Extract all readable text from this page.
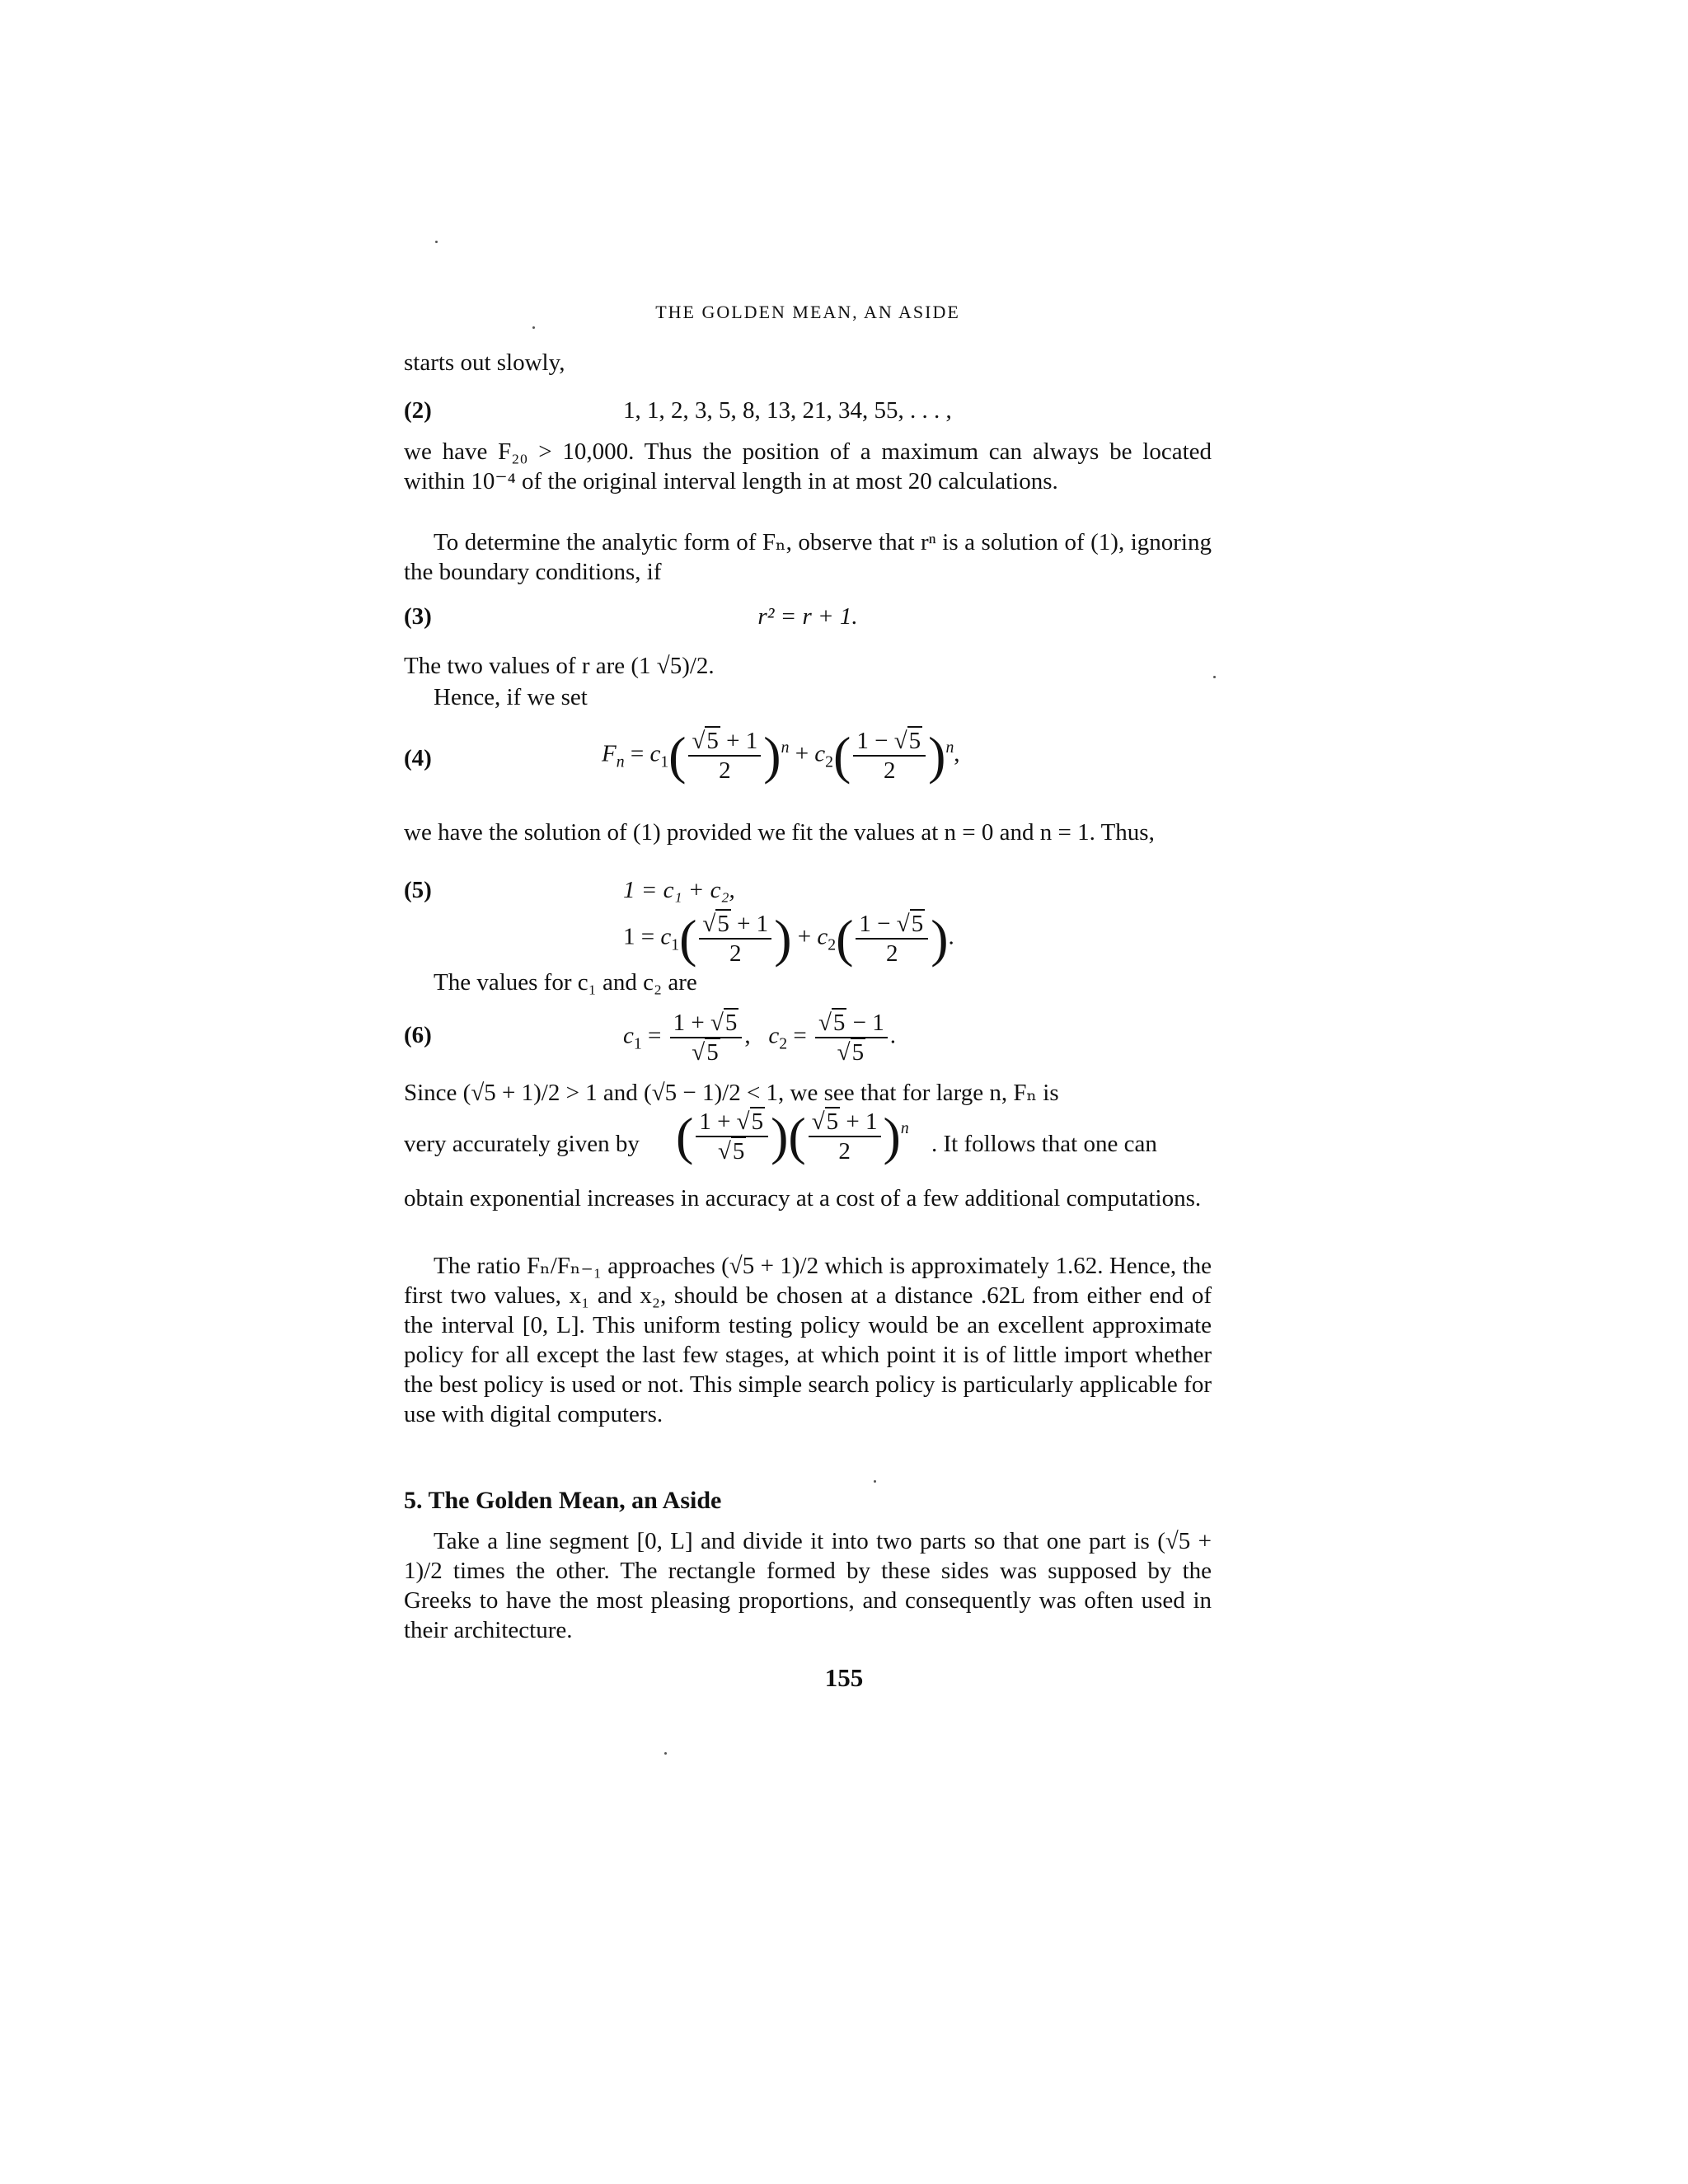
THE GOLDEN MEAN, AN ASIDE
starts out slowly,
(2)	1, 1, 2, 3, 5, 8, 13, 21, 34, 55, . . . ,
we have F₂₀ > 10,000. Thus the position of a maximum can always be located within 10⁻⁴ of the original interval length in at most 20 calculations.
To determine the analytic form of Fₙ, observe that rⁿ is a solution of (1), ignoring the boundary conditions, if
(3)	r² = r + 1.
The two values of r are (1 √5)/2.
Hence, if we set
(4)	$F_n = c_1( \frac{√5 + 1}{2} )^n + c_2( \frac{1 - √5}{2} )^n$,
we have the solution of (1) provided we fit the values at n = 0 and n = 1. Thus,
(5)	1 = c₁ + c₂,
$1 = c_1( \frac{√5 + 1}{2}$ ) + $c_2( \frac{1 - √5}{2}$ ).
The values for c₁ and c₂ are
(6)	$c_1 = \frac{1 + √5}{√5}$ ,   $c_2 = \frac{√5 - 1}{√5}$ .
Since (√5 + 1)/2 > 1 and (√5 − 1)/2 < 1, we see that for large n, Fₙ is
very accurately given by ( $\frac{1 + √5}{√5}$ )( $\frac{√5 + 1}{2} )^n$
. It follows that one can
obtain exponential increases in accuracy at a cost of a few additional computations.
The ratio Fₙ/Fₙ₋₁ approaches (√5 + 1)/2 which is approximately 1.62. Hence, the first two values, x₁ and x₂, should be chosen at a distance .62L from either end of the interval [0, L]. This uniform testing policy would be an excellent approximate policy for all except the last few stages, at which point it is of little import whether the best policy is used or not. This simple search policy is particularly applicable for use with digital computers.
5. The Golden Mean, an Aside
Take a line segment [0, L] and divide it into two parts so that one part is (√5 + 1)/2 times the other. The rectangle formed by these sides was supposed by the Greeks to have the most pleasing proportions, and consequently was often used in their architecture.
155
